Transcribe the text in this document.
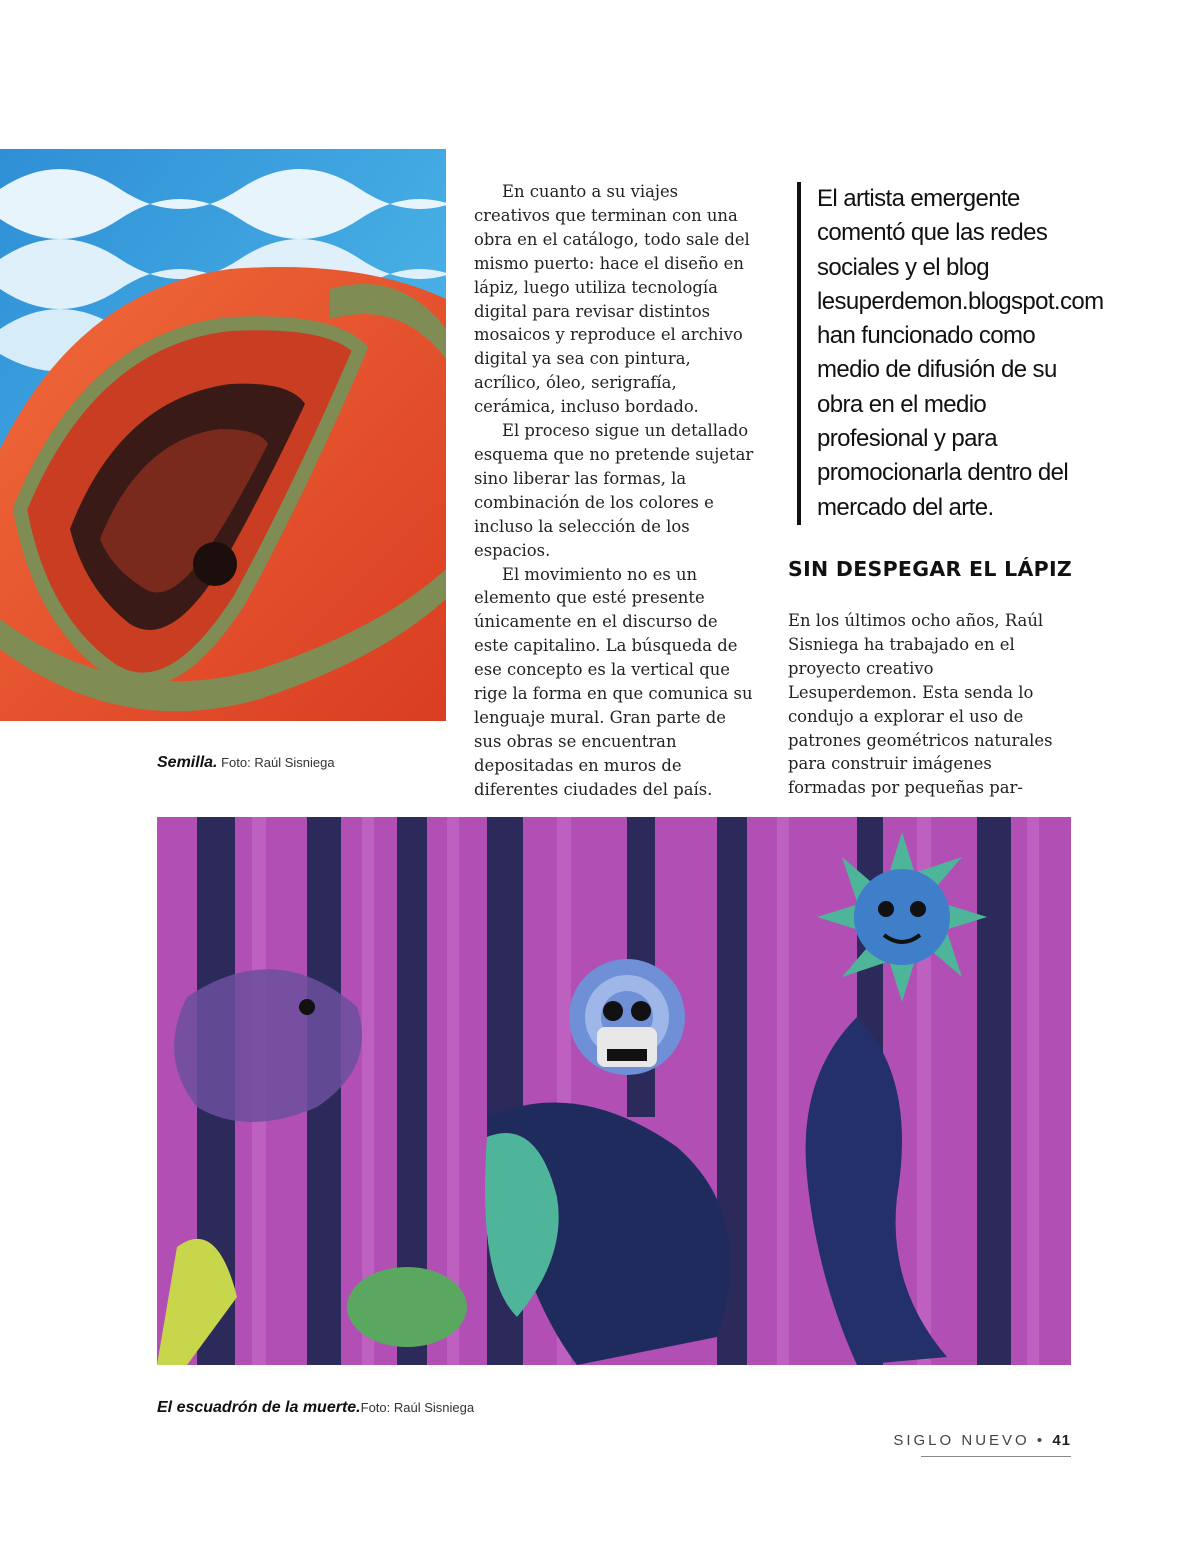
Semilla. Foto: Raúl Sisniega

En cuanto a su viajes creativos que terminan con una obra en el catálogo, todo sale del mismo puerto: hace el diseño en lápiz, luego utiliza tecnología digital para revisar distintos mosaicos y reproduce el archivo digital ya sea con pintura, acrílico, óleo, serigrafía, cerámica, incluso bordado.

El proceso sigue un detallado esquema que no pretende sujetar sino liberar las formas, la combinación de los colores e incluso la selección de los espacios.

El movimiento no es un elemento que esté presente únicamente en el discurso de este capitalino. La búsqueda de ese concepto es la vertical que rige la forma en que comunica su lenguaje mural. Gran parte de sus obras se encuentran depositadas en muros de diferentes ciudades del país.

El artista emergente comentó que las redes sociales y el blog lesuperdemon.blogspot.com han funcionado como medio de difusión de su obra en el medio profesional y para promocionarla dentro del mercado del arte.
SIN DESPEGAR EL LÁPIZ

En los últimos ocho años, Raúl Sisniega ha trabajado en el proyecto creativo Lesuperdemon. Esta senda lo condujo a explorar el uso de patrones geométricos naturales para construir imágenes formadas por pequeñas par-

El escuadrón de la muerte.Foto: Raúl Sisniega
SIGLO NUEVO • 41
